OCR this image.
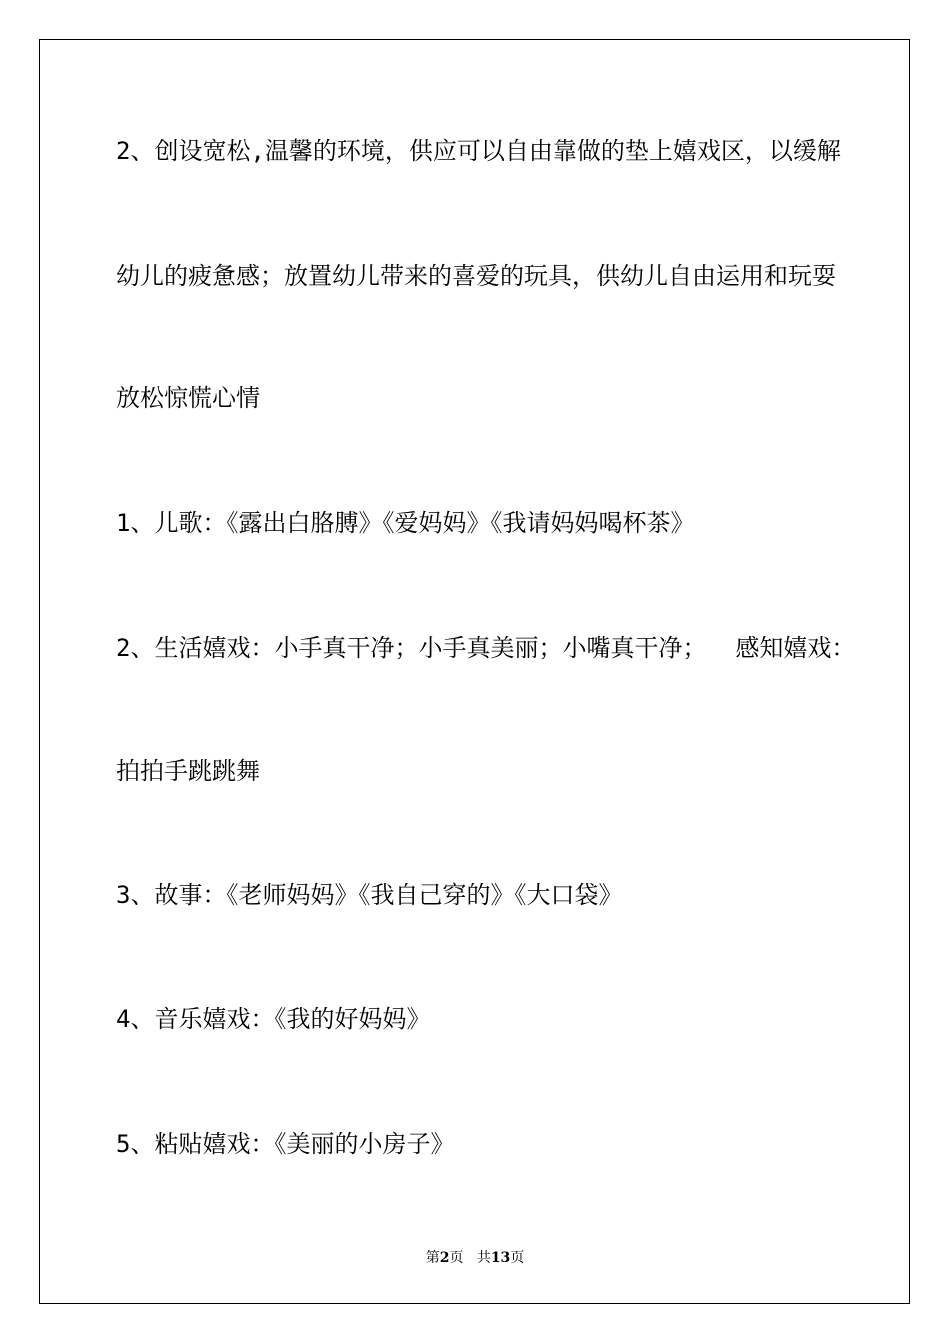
2、创设宽松,温馨的环境，供应可以自由靠做的垫上嬉戏区，以缓解
幼儿的疲惫感；放置幼儿带来的喜爱的玩具，供幼儿自由运用和玩耍
放松惊慌心情
1、儿歌：《露出白胳膊》《爱妈妈》《我请妈妈喝杯茶》
2、生活嬉戏：小手真干净；小手真美丽；小嘴真干净；  感知嬉戏：
拍拍手跳跳舞
3、故事：《老师妈妈》《我自己穿的》《大口袋》
4、音乐嬉戏：《我的好妈妈》
5、粘贴嬉戏：《美丽的小房子》
第2页 共13页
